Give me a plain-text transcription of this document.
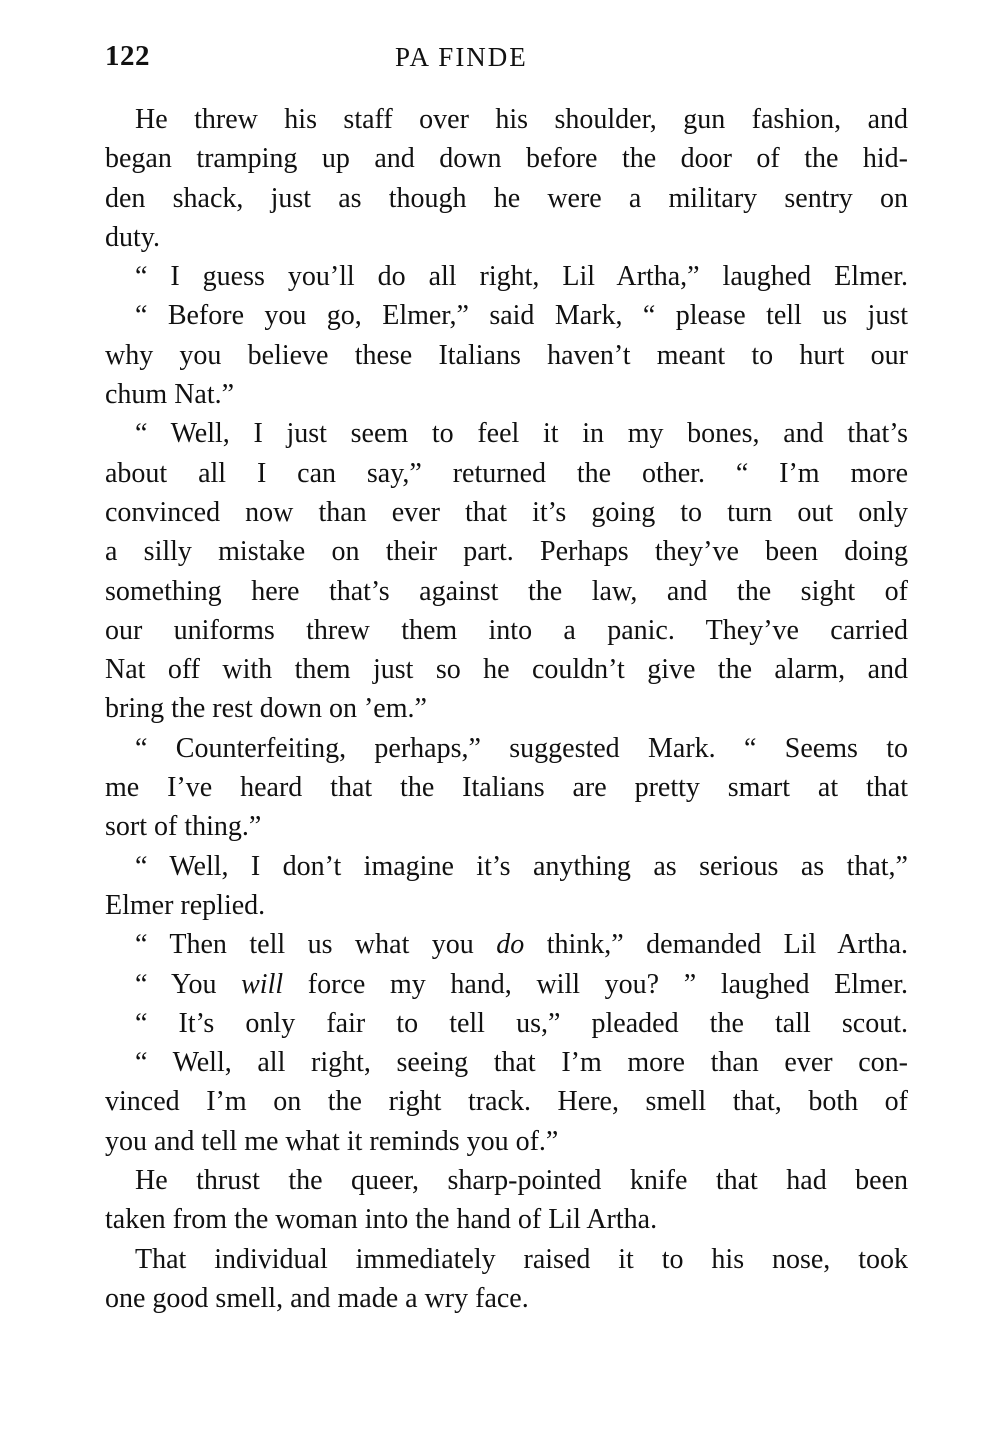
122	PA FINDE
He threw his staff over his shoulder, gun fashion, and
began tramping up and down before the door of the hid-
den shack, just as though he were a military sentry on
duty.
“ I guess you’ll do all right, Lil Artha,” laughed Elmer.
“ Before you go, Elmer,” said Mark, “ please tell us just
why you believe these Italians haven’t meant to hurt our
chum Nat.”
“ Well, I just seem to feel it in my bones, and that’s
about all I can say,” returned the other. “ I’m more
convinced now than ever that it’s going to turn out only
a silly mistake on their part. Perhaps they’ve been doing
something here that’s against the law, and the sight of
our uniforms threw them into a panic. They’ve carried
Nat off with them just so he couldn’t give the alarm, and
bring the rest down on ’em.”
“ Counterfeiting, perhaps,” suggested Mark. “ Seems to
me I’ve heard that the Italians are pretty smart at that
sort of thing.”
“ Well, I don’t imagine it’s anything as serious as that,”
Elmer replied.
“ Then tell us what you do think,” demanded Lil Artha.
“ You will force my hand, will you? ” laughed Elmer.
“ It’s only fair to tell us,” pleaded the tall scout.
“ Well, all right, seeing that I’m more than ever con-
vinced I’m on the right track. Here, smell that, both of
you and tell me what it reminds you of.”
He thrust the queer, sharp-pointed knife that had been
taken from the woman into the hand of Lil Artha.
That individual immediately raised it to his nose, took
one good smell, and made a wry face.
